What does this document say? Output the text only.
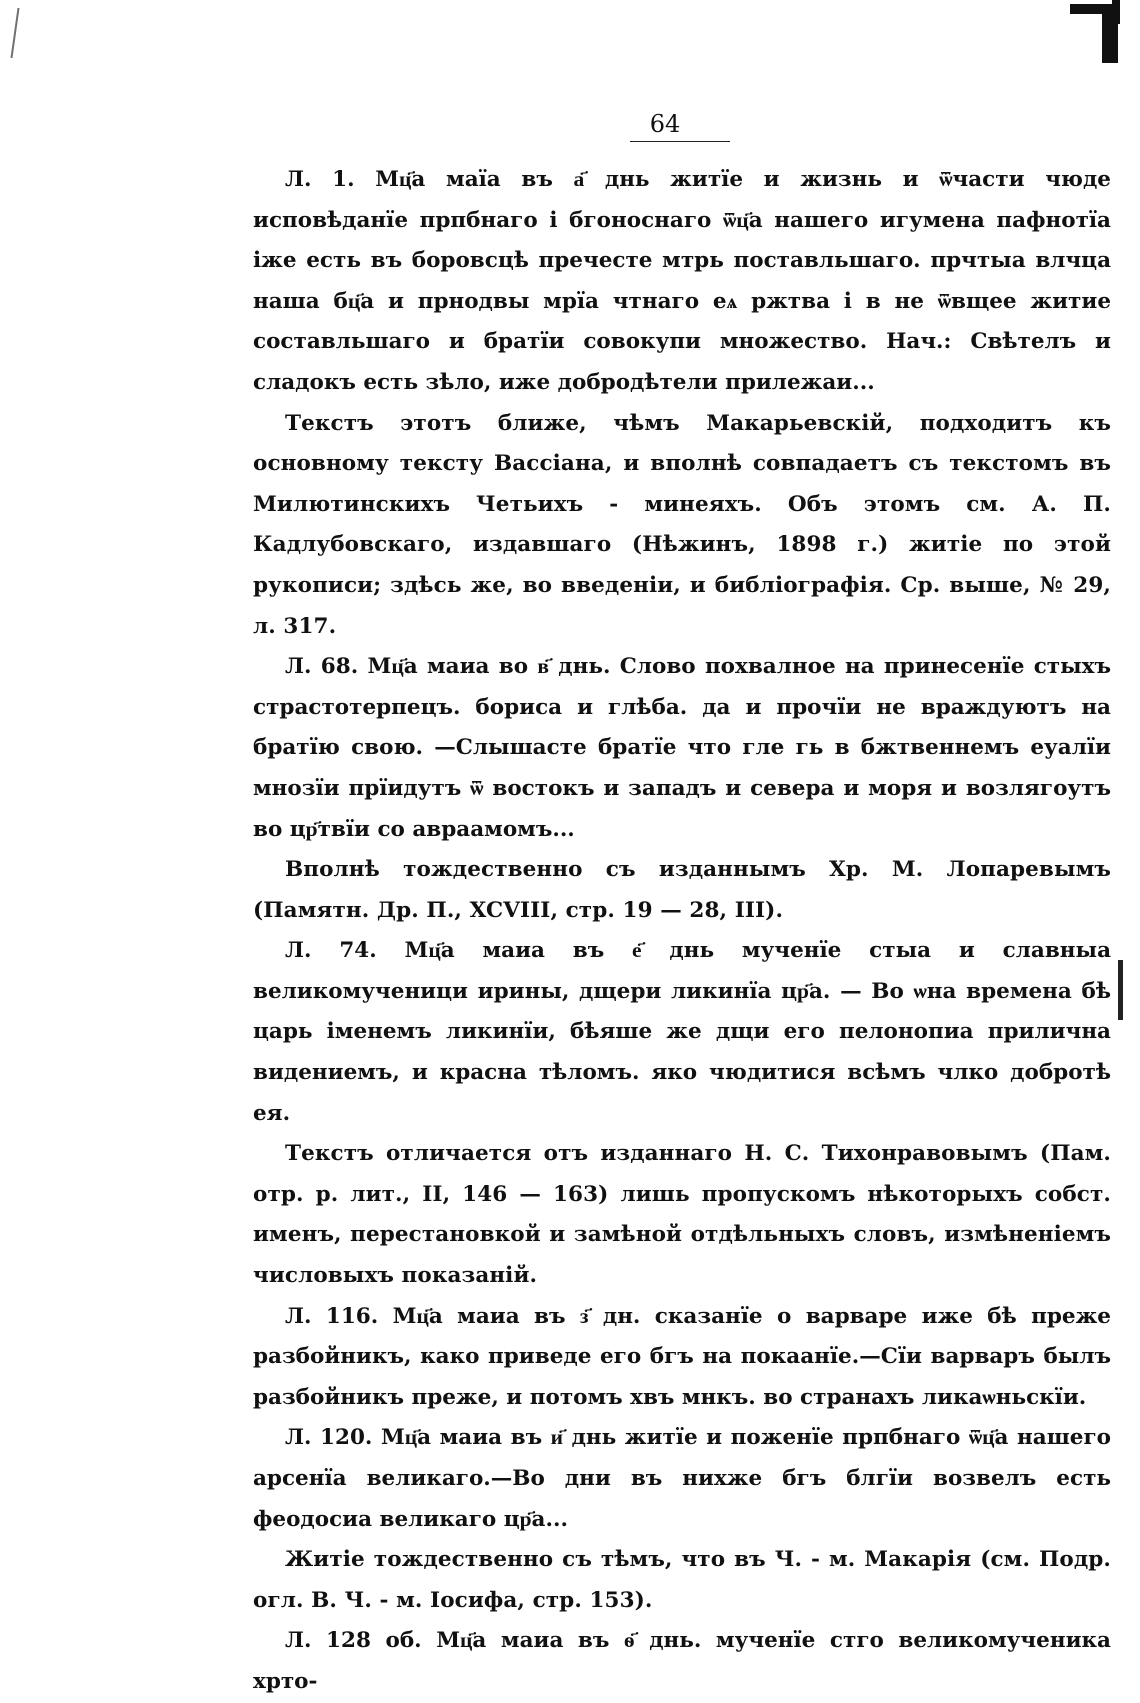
64

Л. 1. Мц҃а маїа въ а҃ днь житїе и жизнь и ѿчасти чюде исповѣданїе прпбнаго і бгоноснаго ѿц҃а нашего игумена пафнотїа іже есть въ боровсцѣ пречесте мтрь поставльшаго. прчтыа влчца наша бц҃а и прнодвы мрїа чтнаго еѧ ржтва і в не ѿвщее житие составльшаго и братїи совокупи множество. Нач.: Свѣтелъ и сладокъ есть зѣло, иже добродѣтели прилежаи...

Текстъ этотъ ближе, чѣмъ Макарьевскій, подходитъ къ основному тексту Вассіана, и вполнѣ совпадаетъ съ текстомъ въ Милютинскихъ Четьихъ - минеяхъ. Объ этомъ см. А. П. Кадлубовскаго, издавшаго (Нѣжинъ, 1898 г.) житіе по этой рукописи; здѣсь же, во введеніи, и библіографія. Ср. выше, № 29, л. 317.

Л. 68. Мц҃а маиа во в҃ днь. Слово похвалное на принесенїе стыхъ страстотерпецъ. бориса и глѣба. да и прочїи не враждуютъ на братїю свою. —Слышасте братїе что гле гь в бжтвеннемъ еуалїи мнозїи прїидутъ ѿ востокъ и западъ и севера и моря и возлягоутъ во цр҃твїи со авраамомъ...

Вполнѣ тождественно съ изданнымъ Хр. М. Лопаревымъ (Памятн. Др. П., XCVIII, стр. 19 — 28, III).

Л. 74. Мц҃а маиа въ е҃ днь мученїе стыа и славныа великомученици ирины, дщери ликинїа цр҃а. — Во ѡна времена бѣ царь іменемъ ликинїи, бѣяше же дщи его пелонопиа прилична видениемъ, и красна тѣломъ. яко чюдитися всѣмъ члко добротѣ ея.

Текстъ отличается отъ изданнаго Н. С. Тихонравовымъ (Пам. отр. р. лит., II, 146 — 163) лишь пропускомъ нѣкоторыхъ собст. именъ, перестановкой и замѣной отдѣльныхъ словъ, измѣненіемъ числовыхъ показаній.

Л. 116. Мц҃а маиа въ з҃ дн. сказанїе о варваре иже бѣ преже разбойникъ, како приведе его бгъ на покаанїе.—Сїи варваръ былъ разбойникъ преже, и потомъ хвъ мнкъ. во странахъ ликаѡньскїи.

Л. 120. Мц҃а маиа въ и҃ днь житїе и поженїе прпбнаго ѿц҃а нашего арсенїа великаго.—Во дни въ нихже бгъ блгїи возвелъ есть феодосиа великаго цр҃а...

Житіе тождественно съ тѣмъ, что въ Ч. - м. Макарія (см. Подр. огл. В. Ч. - м. Іосифа, стр. 153).

Л. 128 об. Мц҃а маиа въ ѳ҃ днь. мученїе стго великомученика хрто-
